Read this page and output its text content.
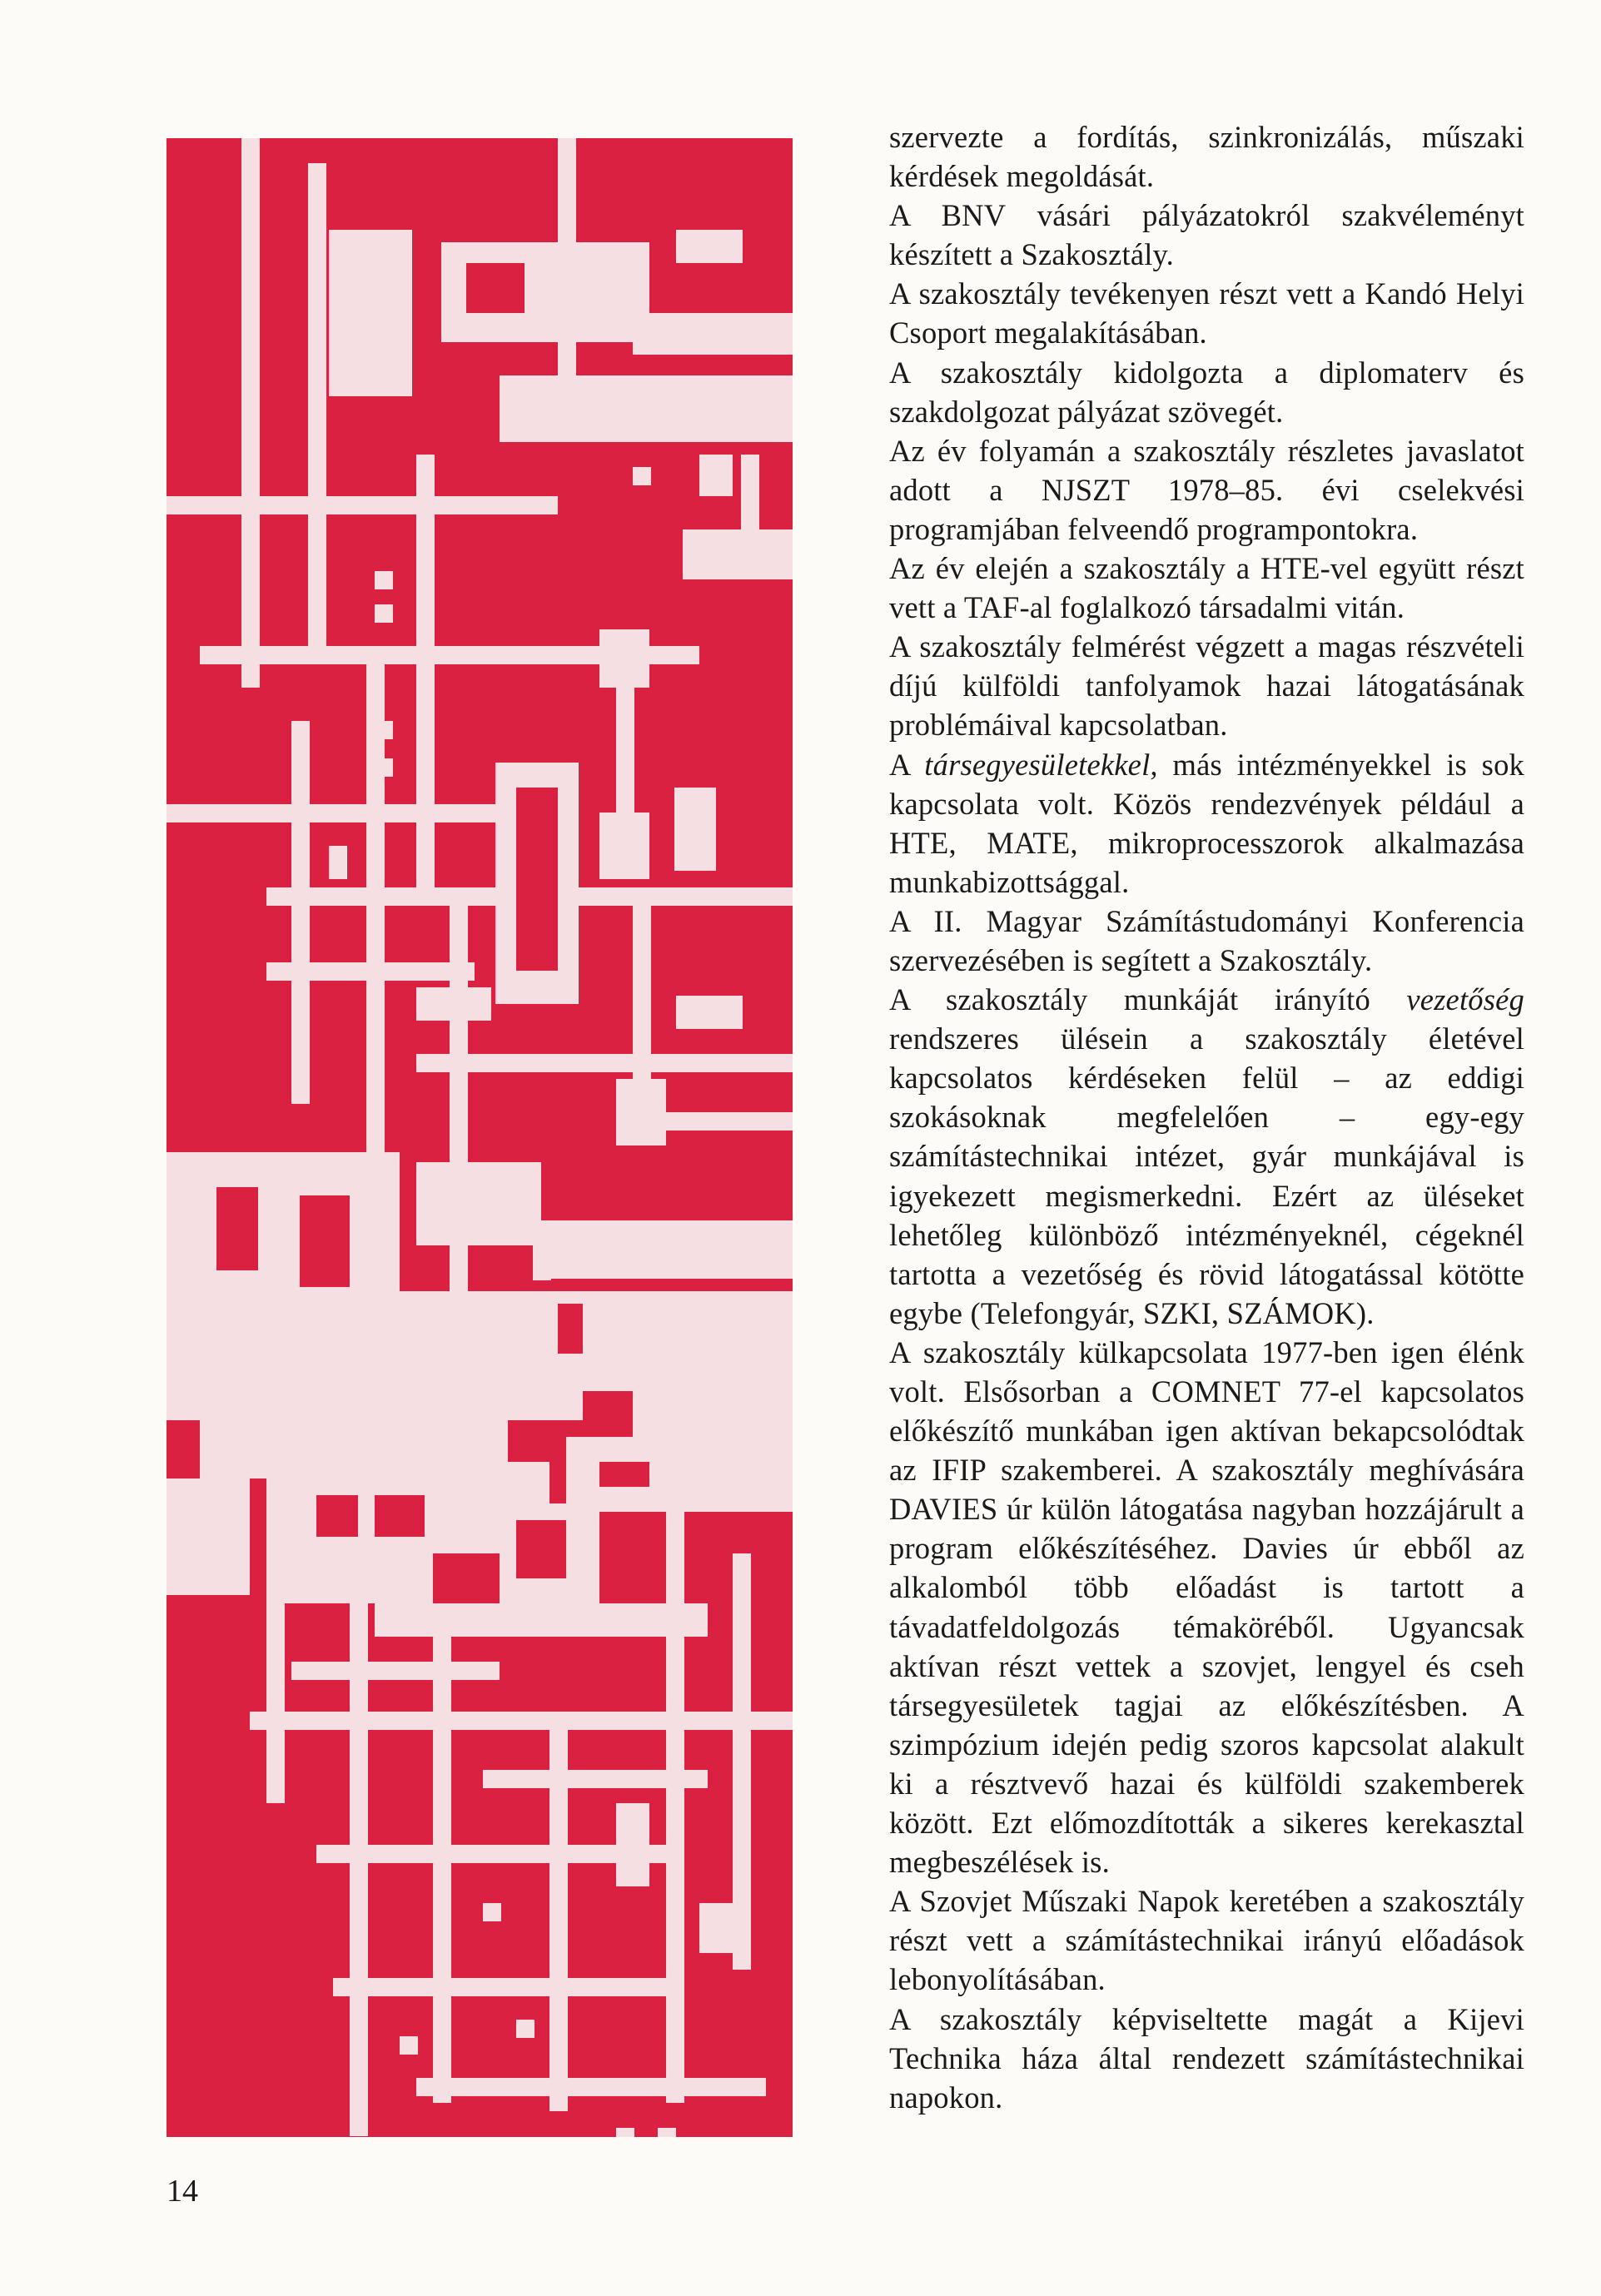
szervezte a fordítás, szinkronizálás, műszaki kérdések megoldását.

A BNV vásári pályázatokról szakvéleményt készített a Szakosztály.

A szakosztály tevékenyen részt vett a Kandó Helyi Csoport megalakításában.

A szakosztály kidolgozta a diplomaterv és szakdolgozat pályázat szövegét.

Az év folyamán a szakosztály részletes javaslatot adott a NJSZT 1978–85. évi cselekvési programjában felveendő programpontokra.

Az év elején a szakosztály a HTE-vel együtt részt vett a TAF-al foglalkozó társadalmi vitán.

A szakosztály felmérést végzett a magas részvételi díjú külföldi tanfolyamok hazai látogatásának problémáival kapcsolatban.

A társegyesületekkel, más intézményekkel is sok kapcsolata volt. Közös rendezvények például a HTE, MATE, mikroprocesszorok alkalmazása munkabizottsággal.

A II. Magyar Számítástudományi Konferencia szervezésében is segített a Szakosztály.

A szakosztály munkáját irányító vezetőség rendszeres ülésein a szakosztály életével kapcsolatos kérdéseken felül – az eddigi szokásoknak megfelelően – egy-egy számítástechnikai intézet, gyár munkájával is igyekezett megismerkedni. Ezért az üléseket lehetőleg különböző intézményeknél, cégeknél tartotta a vezetőség és rövid látogatással kötötte egybe (Telefongyár, SZKI, SZÁMOK).

A szakosztály külkapcsolata 1977-ben igen élénk volt. Elsősorban a COMNET 77-el kapcsolatos előkészítő munkában igen aktívan bekapcsolódtak az IFIP szakemberei. A szakosztály meghívására DAVIES úr külön látogatása nagyban hozzájárult a program előkészítéséhez. Davies úr ebből az alkalomból több előadást is tartott a távadatfeldolgozás témaköréből. Ugyancsak aktívan részt vettek a szovjet, lengyel és cseh társegyesületek tagjai az előkészítésben. A szimpózium idején pedig szoros kapcsolat alakult ki a résztvevő hazai és külföldi szakemberek között. Ezt előmozdították a sikeres kerekasztal megbeszélések is.

A Szovjet Műszaki Napok keretében a szakosztály részt vett a számítástechnikai irányú előadások lebonyolításában.

A szakosztály képviseltette magát a Kijevi Technika háza által rendezett számítástechnikai napokon.

14
